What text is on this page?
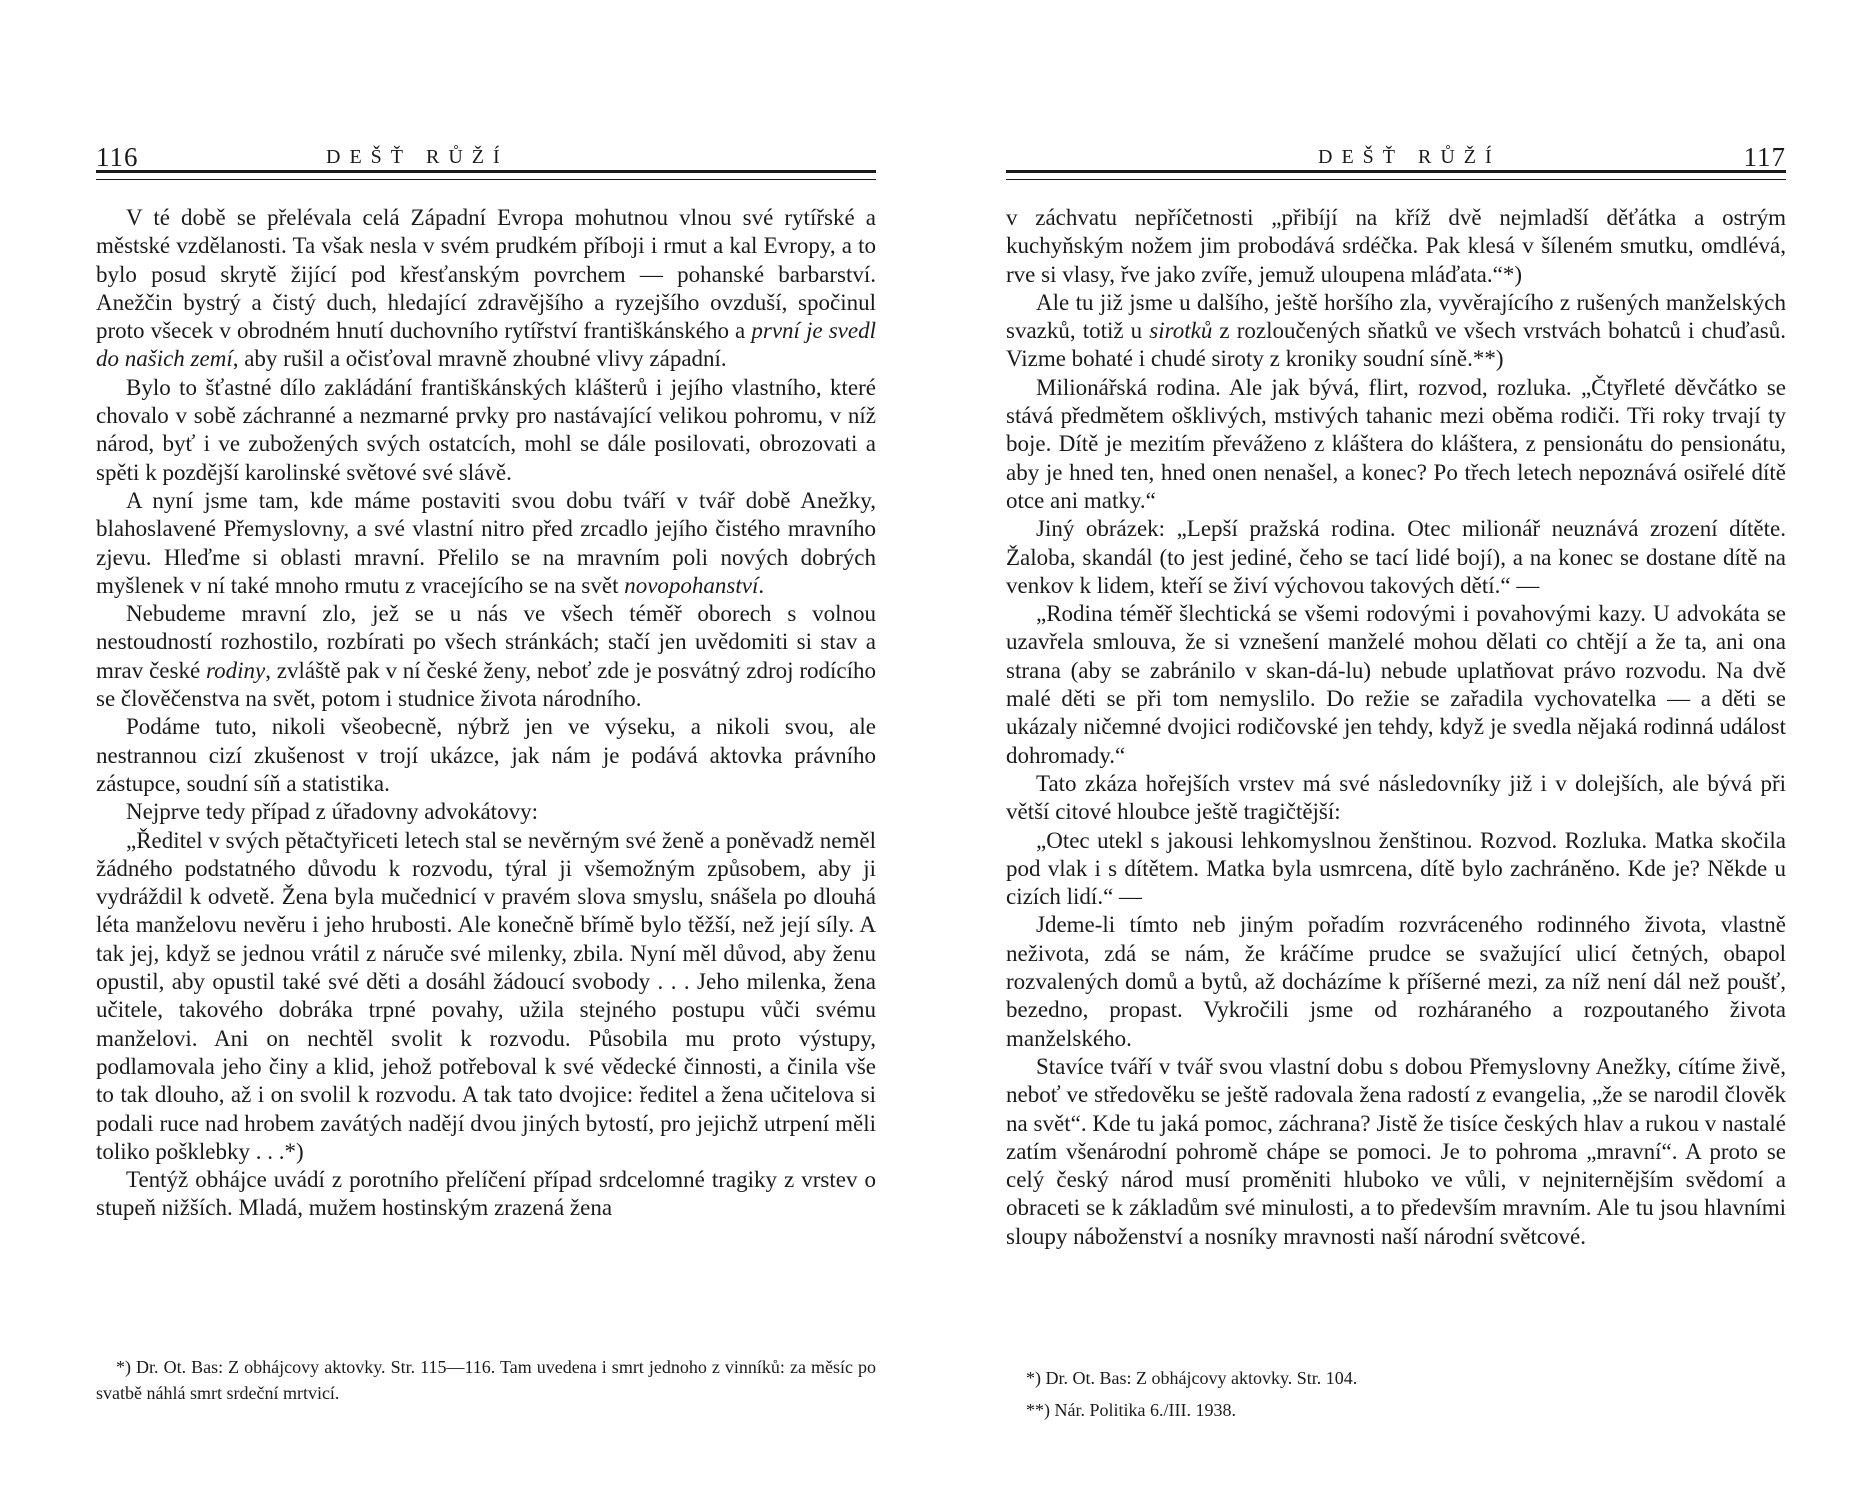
116	DEŠŤ RŮŽÍ

V té době se přelévala celá Západní Evropa mohutnou vlnou své rytířské a městské vzdělanosti. Ta však nesla v svém prudkém příboji i rmut a kal Evropy, a to bylo posud skrytě žijící pod křesťanským povrchem — pohanské barbarství. Anežčin bystrý a čistý duch, hledající zdravějšího a ryzejšího ovzduší, spočinul proto všecek v obrodném hnutí duchovního rytířství františkánského a první je svedl do našich zemí, aby rušil a očisťoval mravně zhoubné vlivy západní.

Bylo to šťastné dílo zakládání františkánských klášterů i jejího vlastního, které chovalo v sobě záchranné a nezmarné prvky pro nastávající velikou pohromu, v níž národ, byť i ve zubožených svých ostatcích, mohl se dále posilovati, obrozovati a spěti k pozdější karolinské světové své slávě.

A nyní jsme tam, kde máme postaviti svou dobu tváří v tvář době Anežky, blahoslavené Přemyslovny, a své vlastní nitro před zrcadlo jejího čistého mravního zjevu. Hleďme si oblasti mravní. Přelilo se na mravním poli nových dobrých myšlenek v ní také mnoho rmutu z vracejícího se na svět novopohanství.

Nebudeme mravní zlo, jež se u nás ve všech téměř oborech s volnou nestoudností rozhostilo, rozbírati po všech stránkách; stačí jen uvědomiti si stav a mrav české rodiny, zvláště pak v ní české ženy, neboť zde je posvátný zdroj rodícího se člověčenstva na svět, potom i studnice života národního.

Podáme tuto, nikoli všeobecně, nýbrž jen ve výseku, a nikoli svou, ale nestrannou cizí zkušenost v trojí ukázce, jak nám je podává aktovka právního zástupce, soudní síň a statistika.

Nejprve tedy případ z úřadovny advokátovy:

„Ředitel v svých pětačtyřiceti letech stal se nevěrným své ženě a poněvadž neměl žádného podstatného důvodu k rozvodu, týral ji všemožným způsobem, aby ji vydráždil k odvetě. Žena byla mučednicí v pravém slova smyslu, snášela po dlouhá léta manželovu nevěru i jeho hrubosti. Ale konečně břímě bylo těžší, než její síly. A tak jej, když se jednou vrátil z náruče své milenky, zbila. Nyní měl důvod, aby ženu opustil, aby opustil také své děti a dosáhl žádoucí svobody . . . Jeho milenka, žena učitele, takového dobráka trpné povahy, užila stejného postupu vůči svému manželovi. Ani on nechtěl svolit k rozvodu. Působila mu proto výstupy, podlamovala jeho činy a klid, jehož potřeboval k své vědecké činnosti, a činila vše to tak dlouho, až i on svolil k rozvodu. A tak tato dvojice: ředitel a žena učitelova si podali ruce nad hrobem zavátých nadějí dvou jiných bytostí, pro jejichž utrpení měli toliko pošklebky . . .*)

Tentýž obhájce uvádí z porotního přelíčení případ srdcelomné tragiky z vrstev o stupeň nižších. Mladá, mužem hostinským zrazená žena

*) Dr. Ot. Bas: Z obhájcovy aktovky. Str. 115—116. Tam uvedena i smrt jednoho z vinníků: za měsíc po svatbě náhlá smrt srdeční mrtvicí.

DEŠŤ RŮŽÍ	117

v záchvatu nepříčetnosti „přibíjí na kříž dvě nejmladší děťátka a ostrým kuchyňským nožem jim probodává srdéčka. Pak klesá v šíleném smutku, omdlévá, rve si vlasy, řve jako zvíře, jemuž uloupena mláďata.“*)

Ale tu již jsme u dalšího, ještě horšího zla, vyvěrajícího z rušených manželských svazků, totiž u sirotků z rozloučených sňatků ve všech vrstvách bohatců i chuďasů. Vizme bohaté i chudé siroty z kroniky soudní síně.**)

Milionářská rodina. Ale jak bývá, flirt, rozvod, rozluka. „Čtyřleté děvčátko se stává předmětem ošklivých, mstivých tahanic mezi oběma rodiči. Tři roky trvají ty boje. Dítě je mezitím převáženo z kláštera do kláštera, z pensionátu do pensionátu, aby je hned ten, hned onen nenašel, a konec? Po třech letech nepoznává osiřelé dítě otce ani matky.“

Jiný obrázek: „Lepší pražská rodina. Otec milionář neuznává zrození dítěte. Žaloba, skandál (to jest jediné, čeho se tací lidé bojí), a na konec se dostane dítě na venkov k lidem, kteří se živí výchovou takových dětí.“ —

„Rodina téměř šlechtická se všemi rodovými i povahovými kazy. U advokáta se uzavřela smlouva, že si vznešení manželé mohou dělati co chtějí a že ta, ani ona strana (aby se zabránilo v skan-dá-lu) nebude uplatňovat právo rozvodu. Na dvě malé děti se při tom nemyslilo. Do režie se zařadila vychovatelka — a děti se ukázaly ničemné dvojici rodičovské jen tehdy, když je svedla nějaká rodinná událost dohromady.“

Tato zkáza hořejších vrstev má své následovníky již i v dolejších, ale bývá při větší citové hloubce ještě tragičtější:

„Otec utekl s jakousi lehkomyslnou ženštinou. Rozvod. Rozluka. Matka skočila pod vlak i s dítětem. Matka byla usmrcena, dítě bylo zachráněno. Kde je? Někde u cizích lidí.“ —

Jdeme-li tímto neb jiným pořadím rozvráceného rodinného života, vlastně neživota, zdá se nám, že kráčíme prudce se svažující ulicí četných, obapol rozvalených domů a bytů, až docházíme k příšerné mezi, za níž není dál než poušť, bezedno, propast. Vykročili jsme od rozháraného a rozpoutaného života manželského.

Stavíce tváří v tvář svou vlastní dobu s dobou Přemyslovny Anežky, cítíme živě, neboť ve středověku se ještě radovala žena radostí z evangelia, „že se narodil člověk na svět“. Kde tu jaká pomoc, záchrana? Jistě že tisíce českých hlav a rukou v nastalé zatím všenárodní pohromě chápe se pomoci. Je to pohroma „mravní“. A proto se celý český národ musí proměniti hluboko ve vůli, v nejniternějším svědomí a obraceti se k základům své minulosti, a to především mravním. Ale tu jsou hlavními sloupy náboženství a nosníky mravnosti naší národní světcové.

*) Dr. Ot. Bas: Z obhájcovy aktovky. Str. 104.

**) Nár. Politika 6./III. 1938.
